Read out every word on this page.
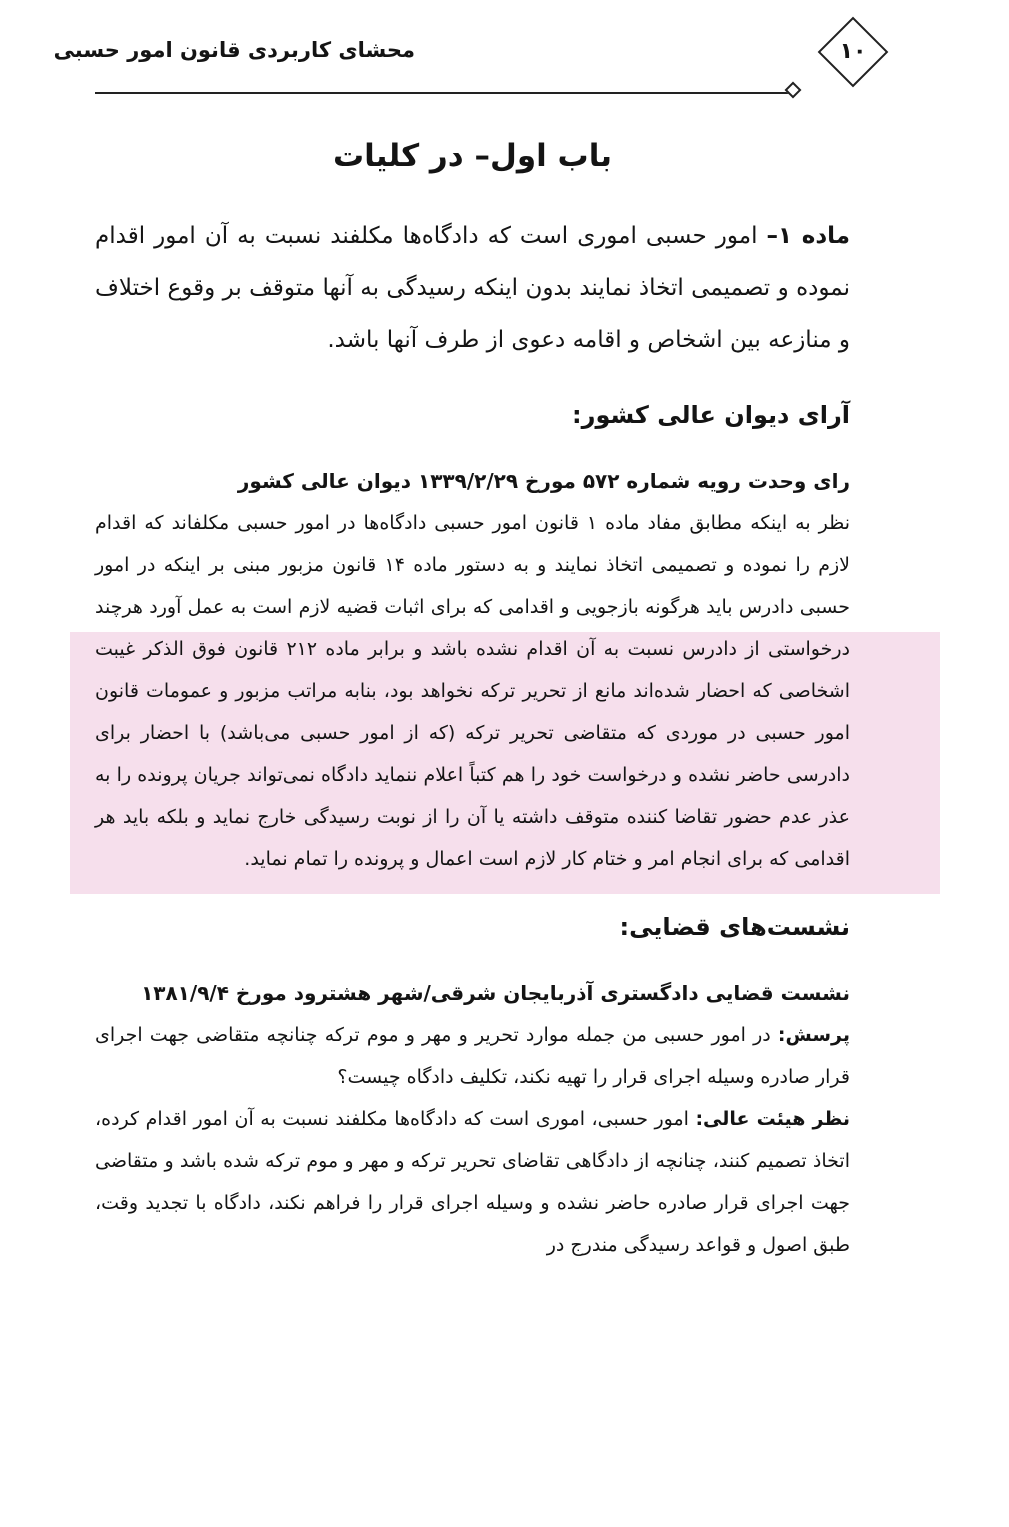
محشای کاربردی قانون امور حسبی	۱۰
باب اول– در کلیات

ماده ۱– امور حسبی اموری است که دادگاه‌ها مکلفند نسبت به آن امور اقدام نموده و تصمیمی اتخاذ نمایند بدون اینکه رسیدگی به آنها متوقف بر وقوع اختلاف و منازعه بین اشخاص و اقامه دعوی از طرف آنها باشد.

آرای دیوان عالی کشور:
رای وحدت رویه شماره ۵۷۲ مورخ ۱۳۳۹/۲/۲۹ دیوان عالی کشور

نظر به اینکه مطابق مفاد ماده ۱ قانون امور حسبی دادگاه‌ها در امور حسبی مکلفاند که اقدام لازم را نموده و تصمیمی اتخاذ نمایند و به دستور ماده ۱۴ قانون مزبور مبنی بر اینکه در امور حسبی دادرس باید هرگونه بازجویی و اقدامی که برای اثبات قضیه لازم است به عمل آورد هرچند درخواستی از دادرس نسبت به آن اقدام نشده باشد و برابر ماده ۲۱۲ قانون فوق الذکر غیبت اشخاصی که احضار شده‌اند مانع از تحریر ترکه نخواهد بود، بنابه مراتب مزبور و عمومات قانون امور حسبی در موردی که متقاضی تحریر ترکه (که از امور حسبی می‌باشد) با احضار برای دادرسی حاضر نشده و درخواست خود را هم کتباً اعلام ننماید دادگاه نمی‌تواند جریان پرونده را به عذر عدم حضور تقاضا کننده متوقف داشته یا آن را از نوبت رسیدگی خارج نماید و بلکه باید هر اقدامی که برای انجام امر و ختام کار لازم است اعمال و پرونده را تمام نماید.

نشست‌های قضایی:
نشست قضایی دادگستری آذربایجان شرقی/شهر هشترود مورخ ۱۳۸۱/۹/۴

پرسش: در امور حسبی من جمله موارد تحریر و مهر و موم ترکه چنانچه متقاضی جهت اجرای قرار صادره وسیله اجرای قرار را تهیه نکند، تکلیف دادگاه چیست؟

نظر هیئت عالی: امور حسبی، اموری است که دادگاه‌ها مکلفند نسبت به آن امور اقدام کرده، اتخاذ تصمیم کنند، چنانچه از دادگاهی تقاضای تحریر ترکه و مهر و موم ترکه شده باشد و متقاضی جهت اجرای قرار صادره حاضر نشده و وسیله اجرای قرار را فراهم نکند، دادگاه با تجدید وقت، طبق اصول و قواعد رسیدگی مندرج در
